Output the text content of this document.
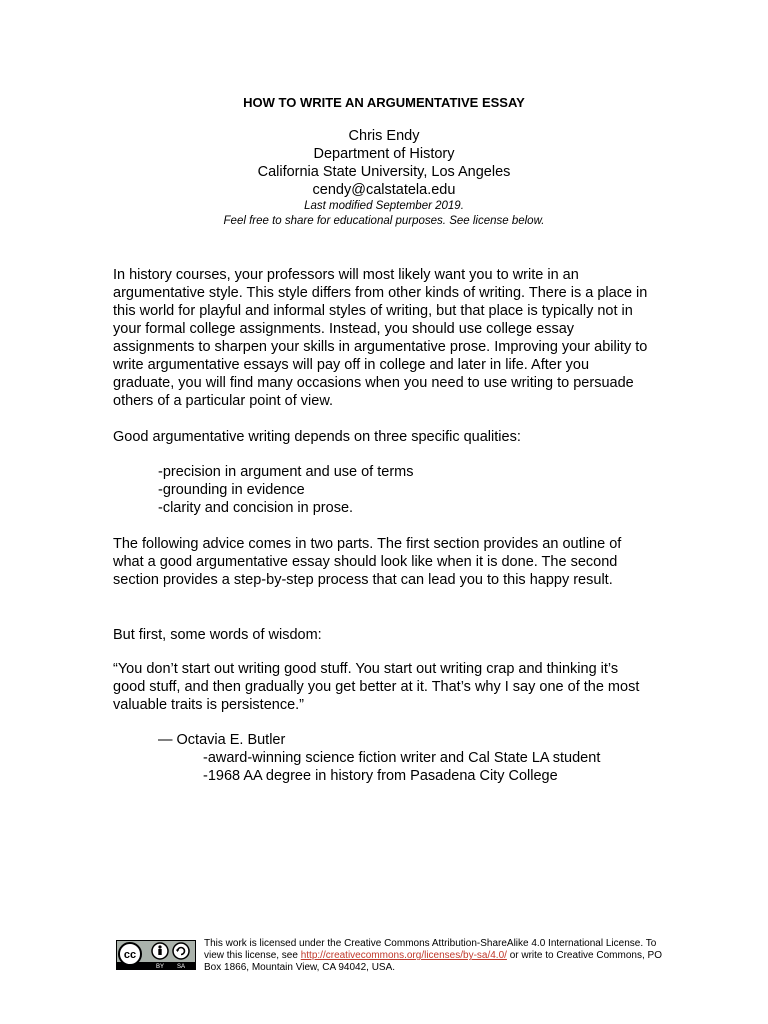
HOW TO WRITE AN ARGUMENTATIVE ESSAY
Chris Endy
Department of History
California State University, Los Angeles
cendy@calstatela.edu
Last modified September 2019.
Feel free to share for educational purposes. See license below.

In history courses, your professors will most likely want you to write in an argumentative style. This style differs from other kinds of writing. There is a place in this world for playful and informal styles of writing, but that place is typically not in your formal college assignments. Instead, you should use college essay assignments to sharpen your skills in argumentative prose. Improving your ability to write argumentative essays will pay off in college and later in life. After you graduate, you will find many occasions when you need to use writing to persuade others of a particular point of view.

Good argumentative writing depends on three specific qualities:

-precision in argument and use of terms
-grounding in evidence
-clarity and concision in prose.

The following advice comes in two parts. The first section provides an outline of what a good argumentative essay should look like when it is done. The second section provides a step-by-step process that can lead you to this happy result.

But first, some words of wisdom:

“You don’t start out writing good stuff. You start out writing crap and thinking it’s good stuff, and then gradually you get better at it. That’s why I say one of the most valuable traits is persistence.”

— Octavia E. Butler
-award-winning science fiction writer and Cal State LA student
-1968 AA degree in history from Pasadena City College
cc
BY SA
This work is licensed under the Creative Commons Attribution-ShareAlike 4.0 International License. To view this license, see http://creativecommons.org/licenses/by-sa/4.0/ or write to Creative Commons, PO Box 1866, Mountain View, CA 94042, USA.
